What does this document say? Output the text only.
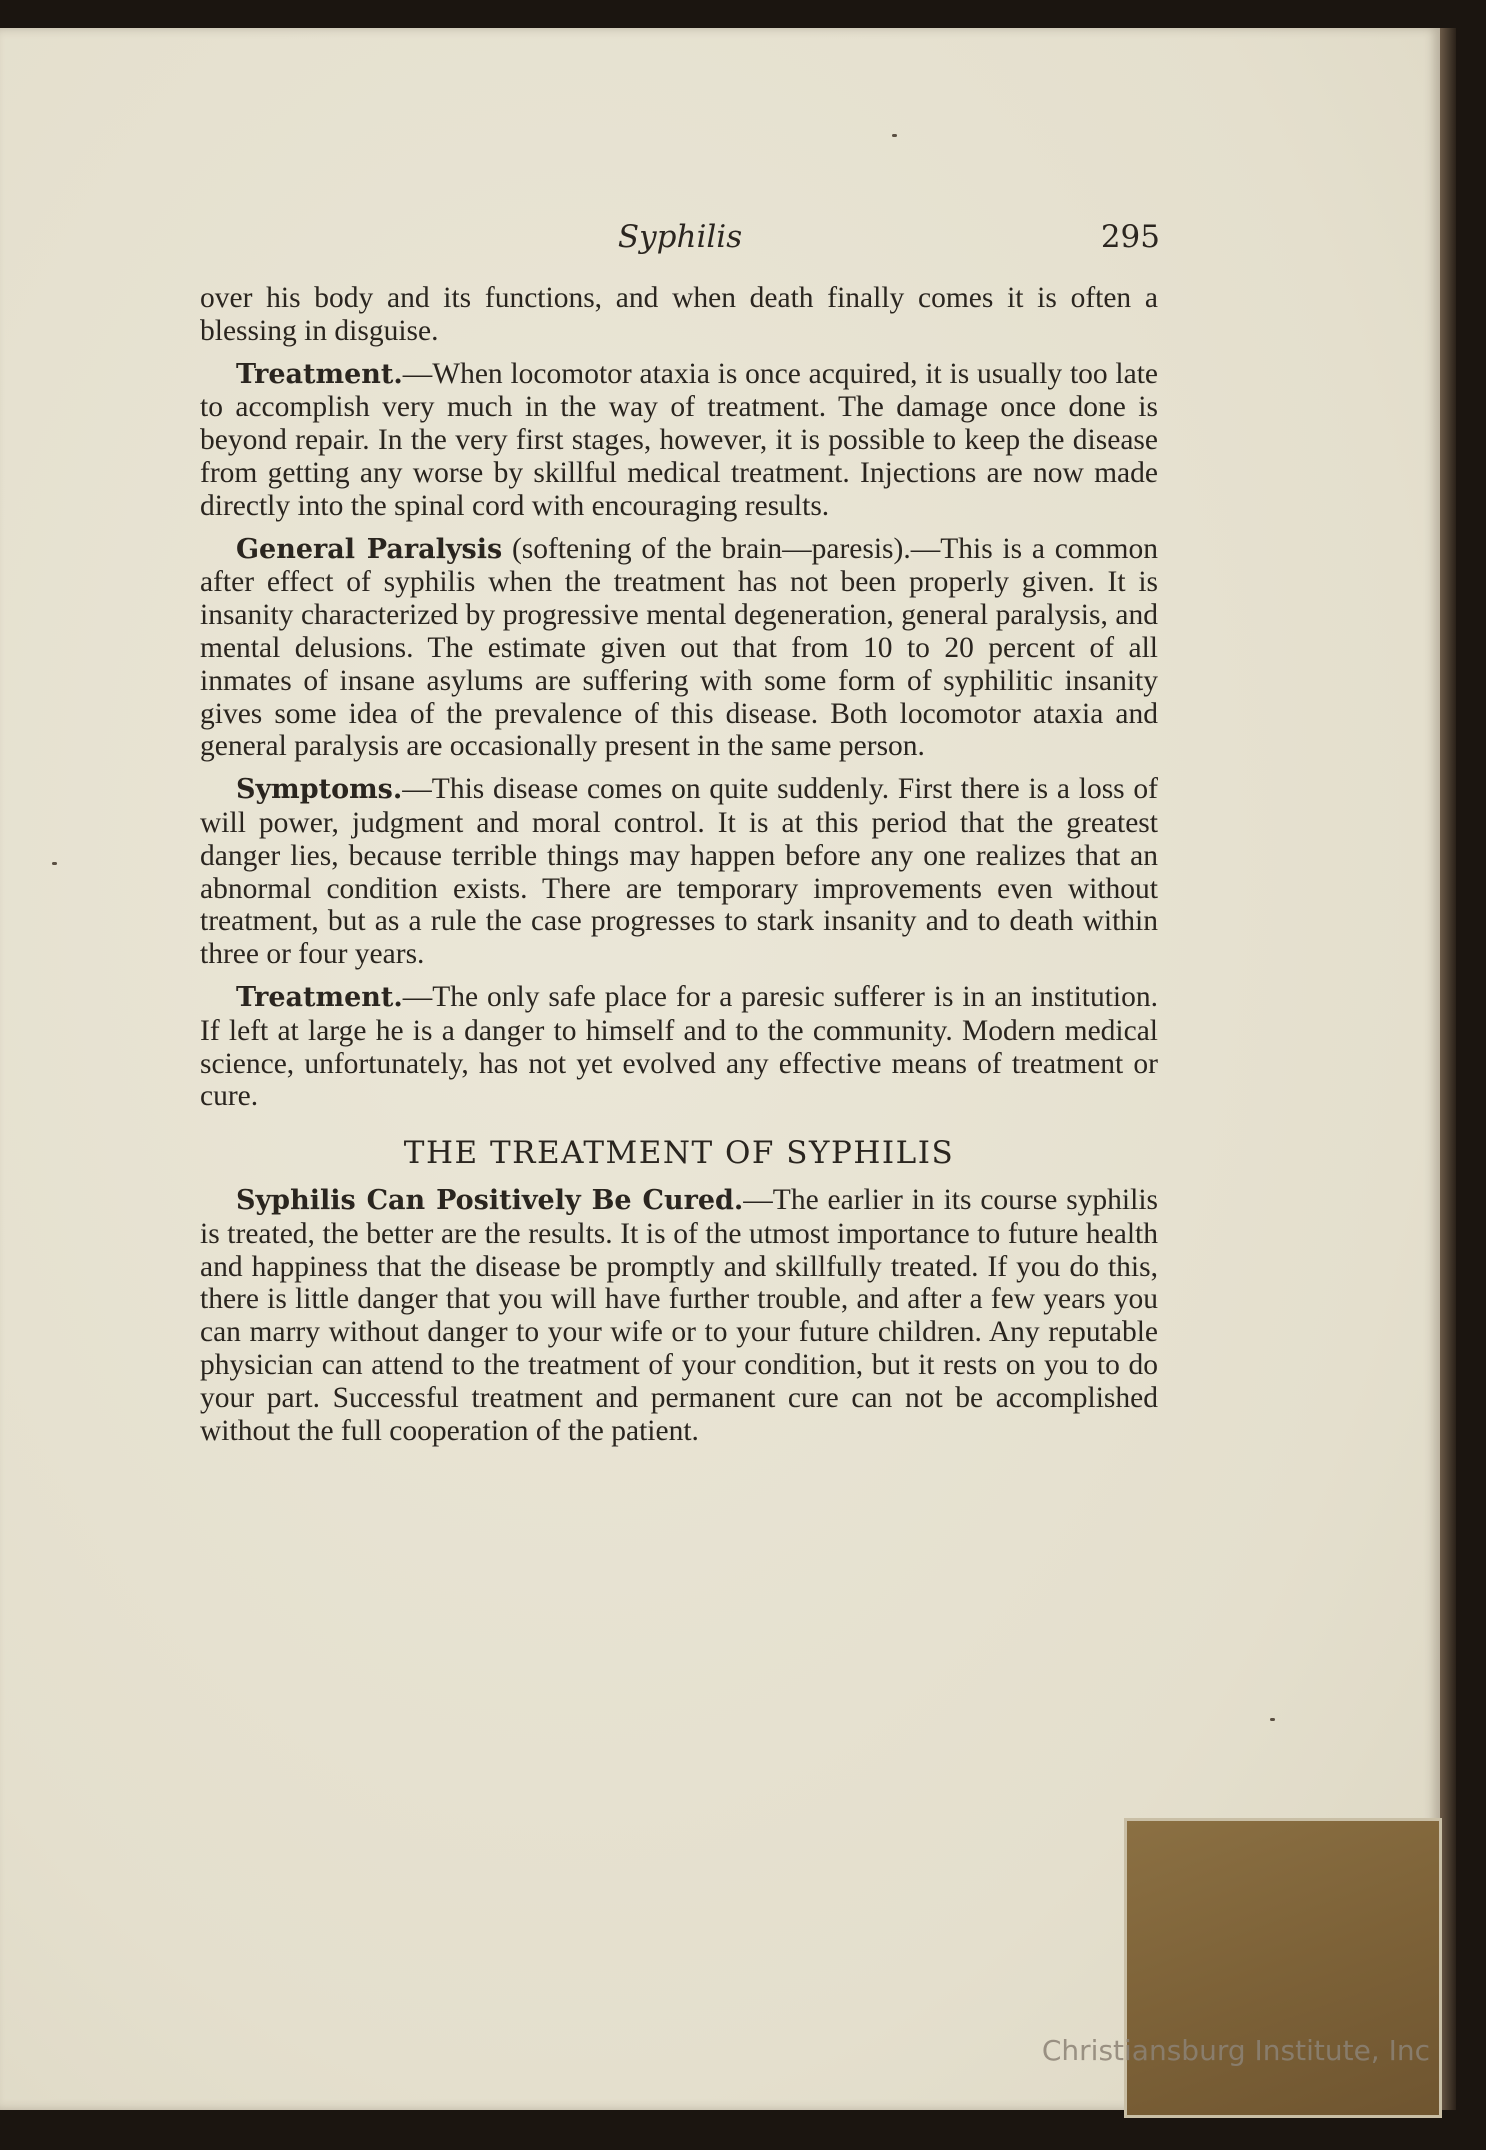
Syphilis	295

over his body and its functions, and when death finally comes it is often a blessing in disguise.

Treatment.—When locomotor ataxia is once acquired, it is usually too late to accomplish very much in the way of treatment. The damage once done is beyond repair. In the very first stages, however, it is possible to keep the disease from getting any worse by skillful medical treatment. Injections are now made directly into the spinal cord with encouraging results.

General Paralysis (softening of the brain—paresis).—This is a common after effect of syphilis when the treatment has not been properly given. It is insanity characterized by progressive mental degeneration, general paralysis, and mental delusions. The estimate given out that from 10 to 20 percent of all inmates of insane asylums are suffering with some form of syphilitic insanity gives some idea of the prevalence of this disease. Both locomotor ataxia and general paralysis are occasionally present in the same person.

Symptoms.—This disease comes on quite suddenly. First there is a loss of will power, judgment and moral control. It is at this period that the greatest danger lies, because terrible things may happen before any one realizes that an abnormal condition exists. There are temporary improvements even without treatment, but as a rule the case progresses to stark insanity and to death within three or four years.

Treatment.—The only safe place for a paresic sufferer is in an institution. If left at large he is a danger to himself and to the community. Modern medical science, unfortunately, has not yet evolved any effective means of treatment or cure.

THE TREATMENT OF SYPHILIS

Syphilis Can Positively Be Cured.—The earlier in its course syphilis is treated, the better are the results. It is of the utmost importance to future health and happiness that the disease be promptly and skillfully treated. If you do this, there is little danger that you will have further trouble, and after a few years you can marry without danger to your wife or to your future children. Any reputable physician can attend to the treatment of your condition, but it rests on you to do your part. Successful treatment and permanent cure can not be accomplished without the full cooperation of the patient.

Christiansburg Institute, Inc
